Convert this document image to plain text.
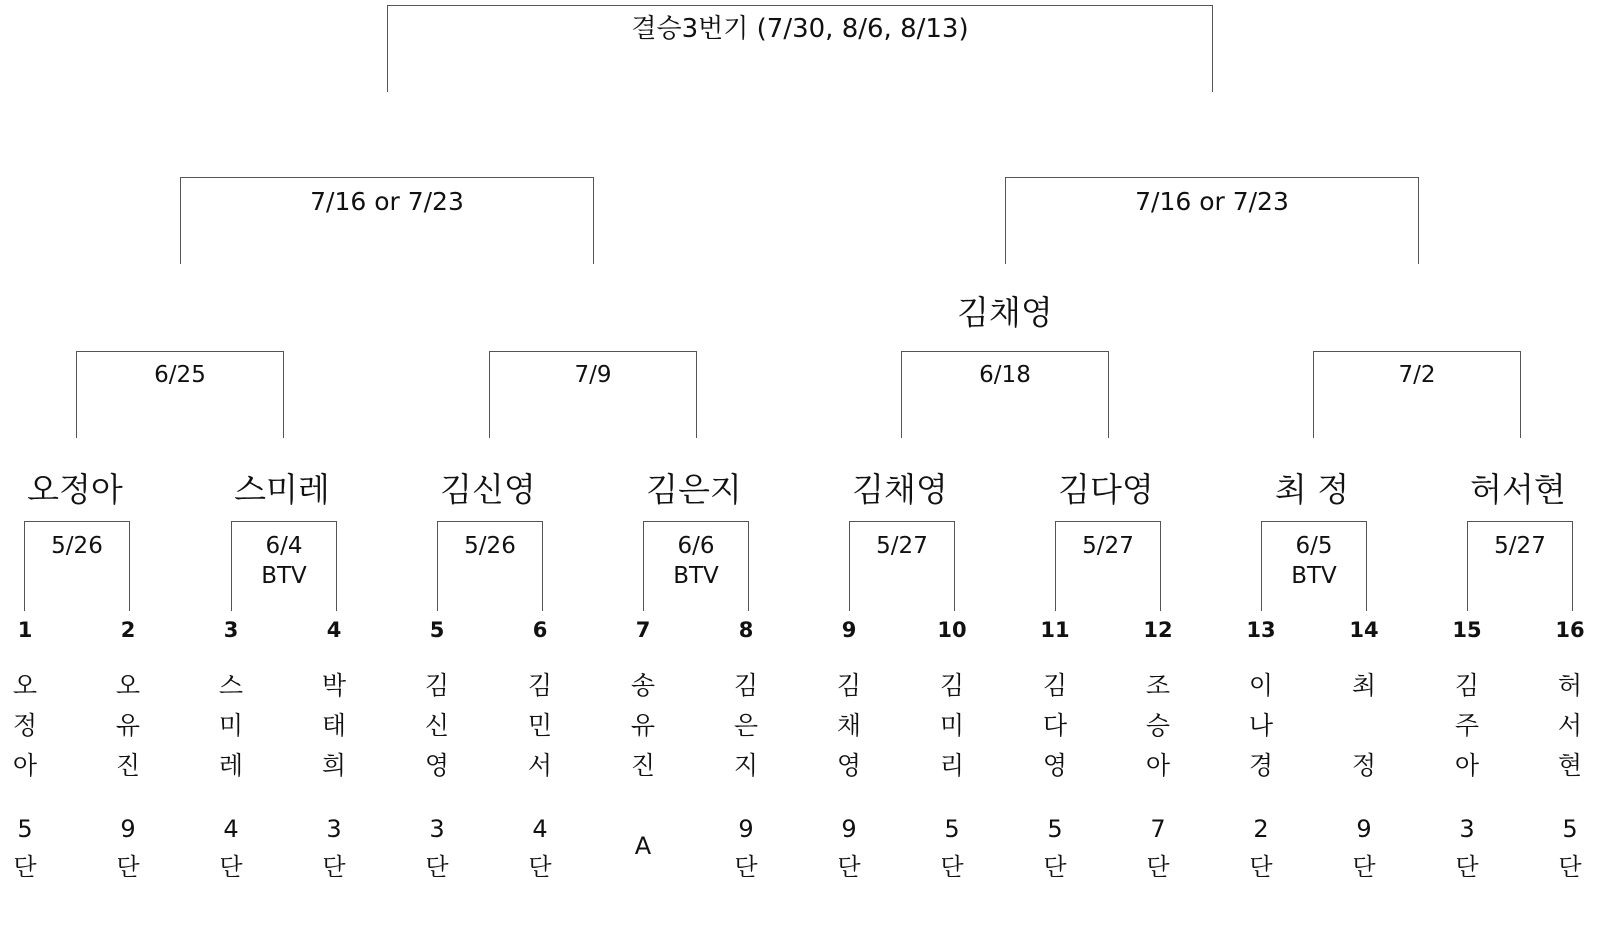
결승3번기 (7/30, 8/6, 8/13)
7/16 or 7/23	7/16 or 7/23
김채영
6/25	7/9	6/18	7/2
오정아	스미레	김신영	김은지	김채영	김다영	최 정	허서현
5/26	6/4
BTV
5/26	6/6
BTV
5/27	5/27	6/5
BTV
5/27
1
오
정
아
5
단
2
오
유
진
9
단
3
스
미
레
4
단
4
박
태
희
3
단
5
김
신
영
3
단
6
김
민
서
4
단
7
송
유
진
A
8
김
은
지
9
단
9
김
채
영
9
단
10
김
미
리
5
단
11
김
다
영
5
단
12
조
승
아
7
단
13
이
나
경
2
단
14
최

정
9
단
15
김
주
아
3
단
16
허
서
현
5
단
